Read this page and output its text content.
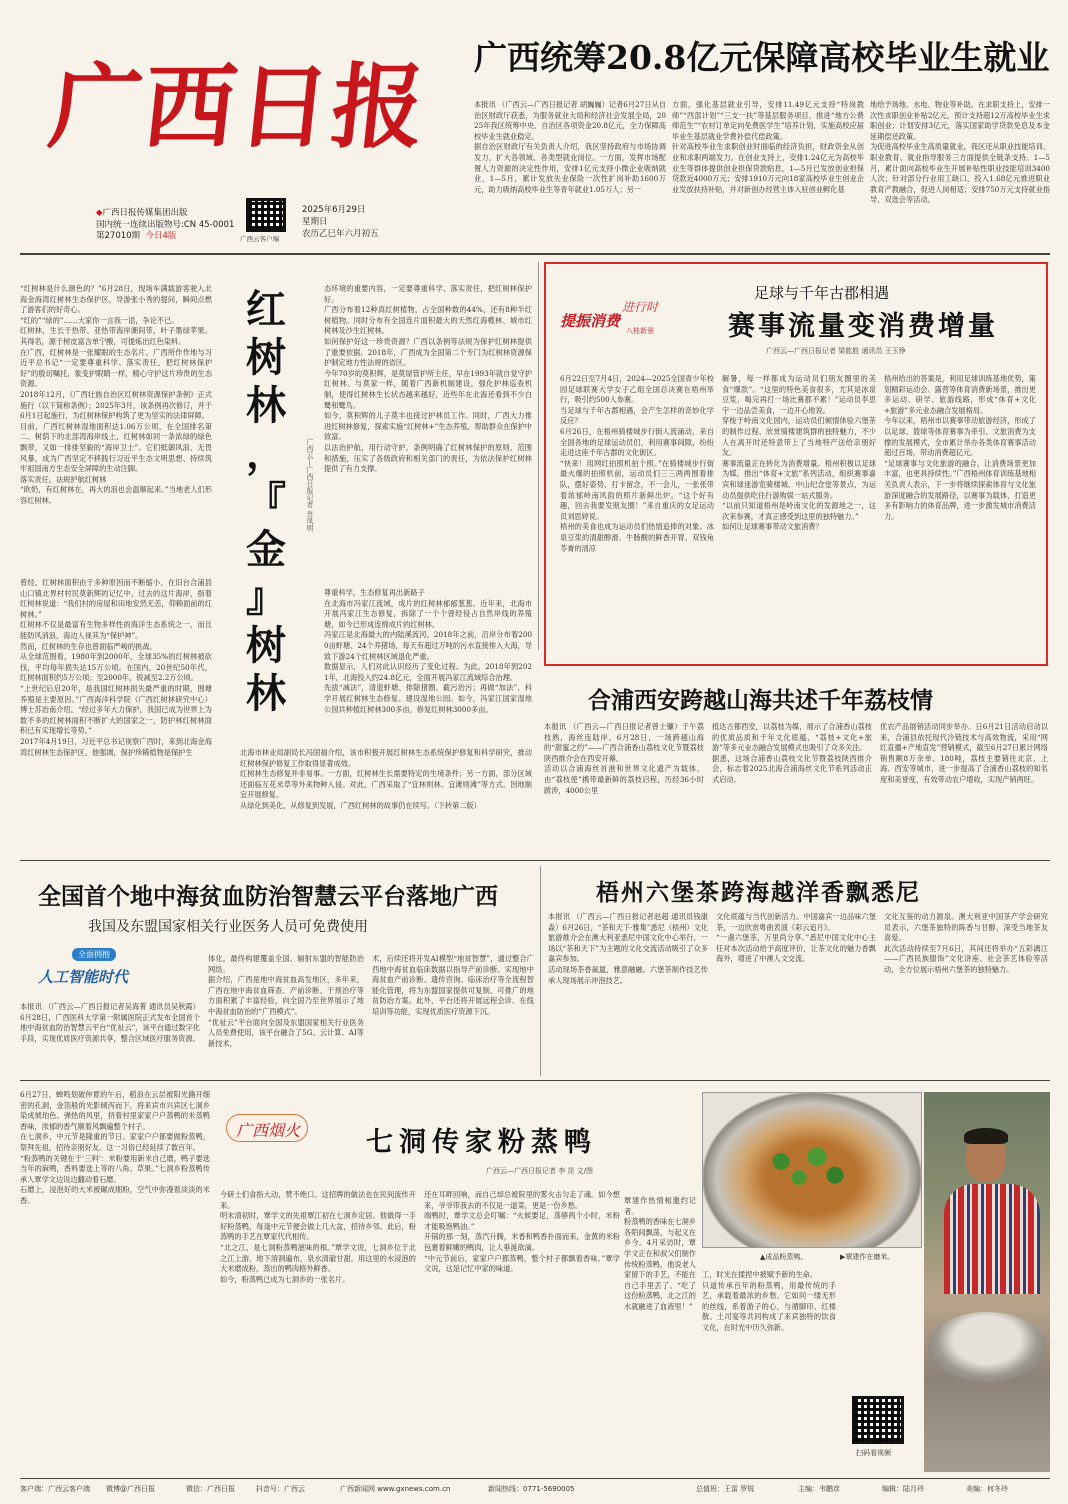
广西日报
◆广西日报传媒集团出版
国内统一连续出版物号:CN 45-0001
第27010期 今日4版	广西云客户端
2025年6月29日
星期日
农历乙巳年六月初五
广西统筹20.8亿元保障高校毕业生就业
本报讯 （广西云—广西日报记者 胡巍巍）记者6月27日从自治区财政厅获悉，为服务就业大局和经济社会发展全局，2025年我区统筹中央、自治区各项资金20.8亿元，全力保障高校毕业生就业稳定。
据自治区财政厅有关负责人介绍，我区坚持政府与市场协调发力，扩大各领域、各类型就业岗位。一方面，发挥市场配置人力资源的决定性作用，安排1亿元支持小微企业吸纳就业，1—5月，累计发放失业保险一次性扩岗补助1600万元，助力吸纳高校毕业生等青年就业1.05万人；另一
方面，强化基层就业引导，安排11.49亿元支持“特岗教师”“西部计划”“三支一扶”等基层服务项目，推进“地方公费师范生”“农村订单定向免费医学生”培养计划，实施高校应届毕业生基层就业学费补偿代偿政策。
针对高校毕业生求职创业时面临的经济负担，财政资金从创业和求职两端发力。在创业支持上，安排1.24亿元为高校毕业生等群体提供创业担保贷款贴息，1—5月已发放创业担保贷款近4000万元；安排1910万元向18家高校毕业生创业企业发放扶持补贴，并对新创办经营主体入驻创业孵化基
地给予场地、水电、物业等补助。在求职支持上，安排一次性求职创业补贴2亿元，预计支持超12万高校毕业生求职创业；计划安排3亿元，落实国家助学贷款免息及本金延期偿还政策。
为促进高校毕业生高质量就业，我区还从职业技能培训、职业教育、就业指导服务三方面提供全链条支持。1—5月，累计面向高校毕业生开展补贴性职业技能培训3400人次；针对部分行业用工缺口，投入1.68亿元推进职业教育产教融合，促进人岗相适；安排750万元支持就业指导、双选会等活动。
“红树林是什么颜色的？”6月28日，现场车满载游客驶入北海金海湾红树林生态保护区，导游张小秀的提问，瞬间点燃了游客们的好奇心。
“红的”“绿的”……大家你一言我一语，争论不已。
红树林，生长于热带、亚热带海岸潮间带，叶子墨绿苹果。其得名，源于树皮富含单宁酸，可提炼出红色染料。
在广西，红树林是一张耀眼的生态名片。广西所作作地与习近平总书记“一定要尊重科学、落实责任，把红树林保护好”的殷切嘱托，象变护眼睛一样，精心守护这片珍贵的生态资源。
2018年12月，《广西壮族自治区红树林资源保护条例》正式施行（以下简称条例）；2025年3月，该条例再次修订，并于6月1日起施行，为红树林保护构筑了更为坚实的法律屏障。
目前，广西红树林湿地面积达1.06万公顷，在全国排名第二。树荫下的北部湾海岸线上，红树林如同一条浓绿的绿色飘带，又如一排排坚毅的“海岸卫士”。它们抵御风浪、无畏风暴，成为广西坚定不移践行习近平生态文明思想、持续筑牢祖国南方生态安全屏障的生动注脚。
落实责任，法规护航红树林
“欧奶，有红树林在，再大的浪也会温顺起来。”当地老人们形容红树林。
曾经，红树林面积由于多种原因而不断缩小。在旧台合浦县山口镇北界村村民莫新辉的记忆中，过去的这片海岸，指着红树林说道：“我们村的房屋和田地安然无恙，仰赖面前的红树林。”
红树林不仅是最富有生物多样性的海洋生态系统之一，而且能防风消浪，海边人视其为“保护神”。
然而，红树林的生存也曾面临严峻的挑战。
从全球范围看，1980年到2000年，全球35%的红树林被砍伐，平均每年损失达15万公顷。在国内，20世纪50年代，红树林面积约5万公顷；至2000年，锐减至2.2万公顷。
“上世纪后启20年，是我国红树林损失最严重的时期，围塘养殖是主要原因。”广西海洋科学院（广西红树林研究中心）博士苏治南介绍，“经过多年大力保护，我国已成为世界上为数不多的红树林面积不断扩大的国家之一，防护林红树林面积已有实现增长等势。”
2017年4月19日，习近平总书记视察广西时，来到北海金海湾红树林生态保护区。他强调，保护珍稀植物是保护生
红
树
林
，
『
金
』
树
林
广西云—广西日报记者 吾凤明
态环境的重要内容，一定要尊重科学、落实责任，把红树林保护好。
广西分布着12种真红树植物，占全国种数的44%，还有8种半红树植物。同时分布有全国连片面积最大的天然红海榄林、城市红树林及沙生红树林。
如何保护好这一珍贵资源？广西以条例等法规为保护红树林提供了重要依据。2018年，广西成为全国第二个专门为红树林资源保护制定地方性法规的省区。
今年70岁的莫积辉，是莫屋管护所主任，早在1993年就自觉守护红树林。与莫家一样，随着广西新机制建设，强化护林巡查机制，使得红树林生长状态越来越好，近些年在北海还看到不少白鹭和鹭鸟。
如今，莫积辉的儿子莫丰也接过护林员工作。同时，广西大力推进红树林修复，探索实施“红树林+”生态养殖，帮助群众在保护中致富。
以法治护航，用行动守护。条例明确了红树林保护的原则、范围和措施，压实了各级政府和相关部门的责任，为依法保护红树林提供了有力支撑。
尊重科学，生态修复再出新路子
在北海市冯家江流域，成片的红树林郁郁葱葱。近年来，北海市开展冯家江生态修复，拆除了一个个曾经侵占自然岸线的养殖塘，如今已形成连绵成片的红树林。
冯家江是北海最大的内陆溪流河。2018年之前，沿岸分布着2000亩虾塘、24个养猪场，每天有超过万吨的污水直接排入大海，导致下游24个红树林区域退化严重。
数据显示，人们对此认识经历了变化过程。为此，2018年到2021年，北海投入约24.8亿元，全面开展冯家江流域综合治理。
先拔“减法”，清退虾塘、排除猪圈、截污治污；再做“加法”，科学开展红树林生态修复、建设湿地公园。如今，冯家江国家湿地公园共种植红树林300多亩，修复红树林3000多亩。
北海市林业局副局长冯国福介绍，该市积极开展红树林生态系统保护修复和科学研究，推动红树林保护修复工作取得显著成效。
红树林生态修复并非易事。一方面，红树林生长需要特定的生境条件；另一方面，部分区域还面临互花米草等外来物种入侵。对此，广西采取了“宜林则林、宜滩则滩”等方式，因地制宜开展修复。
从绿化到美化，从修复到发展，广西红树林的故事仍在续写。（下转第二版）
提振消费
进行时
八桂新景
足球与千年古郡相遇
赛事流量变消费增量
广西云—广西日报记者 梁乾胜 通讯员 王玉铮
6月22日至7月4日，2024—2025全国青少年校园足球联赛大学女子乙组全国总决赛在梧州举行，吸引约500人参赛。
当足球与千年古郡相遇，会产生怎样的奇妙化学反应？
6月26日，在梧州骑楼城步行街人流涌动，来自全国各地的足球运动员们，利用赛事间隙，纷纷走进这座千年古郡的文化街区。
“快来！用网红拍照机拍个照。”在骑楼城步行街最火爆的拍照机前，运动员们三三两两围着排队，摆好姿势，打卡留念，不一会儿，一张张带着浓郁岭南风韵的照片新鲜出炉。“这个好有趣，回去我要发朋友圈！”来自重庆的女足运动员刘思婷说。
梧州的美食也成为运动员们热情追捧的对象。冰泉豆浆的清甜醇滑、牛肠酸的鲜香开胃、双钱龟苓膏的清凉
解暑，每一样都成为运动员们朋友圈里的美食“爆款”。“这里的特色美食很多，尤其是冰泉豆浆，喝完再打一场比赛都不累！”运动员李思宇一边品尝美食，一边开心地说。
穿梭于岭南文化园内，运动员们倾情体验六堡茶的制作过程、欣赏骑楼建筑群的独特魅力，不少人在离开时还特意带上了当地特产送给亲朋好友。
赛事流量正在转化为消费增量。梧州积极以足球为媒，推出“体育+文旅”系列活动，组织赛事嘉宾和球迷游览骑楼城、中山纪念堂等景点，为运动员提供吃住行游购娱一站式服务。
“以前只知道梧州是岭南文化的发源地之一，这次来参赛，才真正感受到这里的独特魅力。”
如何让足球赛事带动文旅消费？
梧州给出的答案是，利用足球训练基地优势，策划精彩运动会、露营等体育消费新场景，推出更多运动、研学、旅游线路，形成“体育+文化+旅游”多元业态融合发展格局。
今年以来，梧州市以赛事带动旅游经济，形成了以足球、篮球等体育赛事为牵引、文旅消费为支撑的发展模式，全市累计举办各类体育赛事活动超过百场，带动消费超亿元。
“足球赛事与文化旅游的融合，让消费场景更加丰富，也更具持续性。”广西梧州体育训练基地相关负责人表示，下一步将继续探索体育与文化旅游深度融合的发展路径，以赛事为载体，打造更多有影响力的体育品牌，进一步激发城市消费活力。
合浦西安跨越山海共述千年荔枝情
本报讯 （广西云—广西日报记者曾士镰）于午荔枝熟，海丝连陆岸。6月28日，一场跨越山海的“甜蜜之约”——广西合浦香山荔枝文化节暨荔枝陕西推介会在西安开幕。
活动以合浦海丝首港和世界文化遗产为载体，由“荔枝使”携带最新鲜的荔枝启程，历经36小时跋涉，4000公里
抵达古都西安，以荔枝为媒，展示了合浦香山荔枝的优质品质和千年文化底蕴，“荔枝+文化+旅游”等多元业态融合发展模式也吸引了众多关注。
据悉，这场合浦香山荔枝文化节暨荔枝陕西推介会，标志着2025北海合浦海丝文化节系列活动正式启动。
优农产品展销活动同步举办。日6月21日活动启动以来，合浦县依托现代冷链技术与高效物流，采用“网红直播+产地直发”营销模式，截至6月27日累计网络销售额8万余单、180吨，荔枝主要销往北京、上海、西安等城市，进一步提高了合浦香山荔枝的知名度和美誉度，有效带动农户增收，实现产销两旺。
全国首个地中海贫血防治智慧云平台落地广西
我国及东盟国家相关行业医务人员可免费使用
全面拥抱
人工智能时代
本报讯 （广西云—广西日报记者吴海菁 通讯员吴秋霞）6月28日，广西医科大学第一附属医院正式发布全国首个地中海贫血防治智慧云平台“优祉云”，该平台通过数字化手段，实现优质医疗资源共享，整合区域医疗服务资源。
体化，最终构建覆盖全国、辐射东盟的智能防治网络。
据介绍，广西是地中海贫血高发地区，多年来，广西在地中海贫血筛查、产前诊断、干预治疗等方面积累了丰富经验，向全国乃至世界展示了地中海贫血防治的“广西模式”。
“优祉云”平台面向全国及东盟国家相关行业医务人员免费使用，该平台融合了5G、云计算、AI等新技术，
术，后续还将开发AI模型“地贫智慧”，通过整合广西地中海贫血临床数据以指导产前诊断。实现地中海贫血产前诊断、遗传咨询、临床治疗等全流程智能化管理，将为东盟国家提供可复制、可推广的地贫防治方案。此外，平台还将开展远程会诊、在线培训等功能，实现优质医疗资源下沉。
梧州六堡茶跨海越洋香飘悉尼
本报讯 （广西云—广西日报记者赵超 通讯员钱康淼）6月26日，“茶和天下·雅集”悉尼（梧州）文化旅游推介会在澳大利亚悉尼中国文化中心举行，一场以“茶和天下”为主题的文化交流活动吸引了众多嘉宾参加。
活动现场茶香氤氲，雅意融融。六堡茶制作技艺传承人现场展示冲泡技艺。
文化底蕴与当代创新活力。中国嘉宾一边品味六堡茶，一边欣赏粤曲表演《彩云追月》。
“一盏六堡茶，万里尚分享。”悉尼中国文化中心主任对本次活动给予高度评价，让茶文化的魅力香飘海外，增进了中澳人文交流。
文化互鉴的动力源泉。澳大利亚中国茶产学会研究员表示，六堡茶独特的陈香与甘醇，深受当地茶友喜爱。
此次活动持续至7月6日，其间还将举办“五彩漓江——广西民族服饰”文化讲座、社会茶艺体验等活动，全方位展示梧州六堡茶的独特魅力。
6月27日，蝉鸣划破仲夏的午后，稻浪在云层被阳光撕开细密的孔洞，金箔般的光影倾泻而下，将来宾市兴宾区七洞乡染成琥珀色。弹热的风里，挤着村里家家户户蒸鸭的米蒸鸭香味，浓郁的香气顺着风飘遍整个村子。
在七洞乡，中元节是隆重的节日。家家户户都要做粉蒸鸭，祭拜先祖，招待亲朋好友。这一习俗已经延续了数百年。
“粉蒸鸭的关键在于‘三料’：米粉要用新米自己磨，鸭子要选当年的麻鸭，香料要选上等的八角、草果。”七洞乡粉蒸鸭传承人覃学文边说边翻动着石磨。
石磨上，浸泡好的大米被碾成细粉，空气中弥漫着淡淡的米香。
广西烟火 七洞传家粉蒸鸭
广西云—广西日报记者 李 昆 文/图
今研士们食指大动，赞不绝口。这招牌的做法也在民间流传开来。
明末清初时，覃学文的先祖覃江初在七洞乡定居。他做得一手好粉蒸鸭，每逢中元节便会做上几大盆，招待乡邻。此后，粉蒸鸭的手艺在覃家代代相传。
“北之江，是七洞粉蒸鸭滋味的根。”覃学文说，七洞乡位于北之江上游，地下溶洞遍布，泉水清澈甘甜。用这里的水浸泡的大米磨成粉，蒸出的鸭肉格外鲜香。
如今，粉蒸鸭已成为七洞乡的一张名片。
还在耳畔回响，而自己却总被院里的雾火击匀走了魂。如今想来，爷爷带我去的不仅是一道菜，更是一份乡愁。
端鸭时，覃学文总会叮嘱：“火候要足，蒸够两个小时，米粉才能吸饱鸭油。”
开锅的那一刻，蒸汽升腾，米香和鸭香扑面而来，金黄的米粉包裹着鲜嫩的鸭肉，让人垂涎欲滴。
“中元节前后，家家户户都蒸鸭，整个村子都飘着香味。”覃学文说，这是记忆中家的味道。
覃建作热情相邀约记者。
粉蒸鸭的香味在七洞乡各陌间飘荡，与起义在乡今。4月采访时，覃学文正在和叔父们制作传统粉蒸鸭，他说老人家留下的手艺，不能在自己手里丢了。“吃了这份粉蒸鸭，北之江的水就融进了血液里！”
▲成品粉蒸鸭。	▶覃建作在磨米。
工，时光在揉捏中被赋予新的生命。
只道传承百年的粉蒸鸭，用最传统的手艺，承载着最浓的乡愁。它如同一缕无形的丝线，系着游子的心，与循脚印、红楼散、土司宴等共同构成了来宾独特的饮食文化，在时光中历久弥新。
扫码看视频
客户端：广西云客户端 微博@广西日报	微信：广西日报	抖音号：广西云	广西新闻网 www.gxnews.com.cn	新闻热线：0771-5690005	总值班：王雷 罗锐	主编：韦鹏彦	编辑：陆月玲	美编：何冬玲
